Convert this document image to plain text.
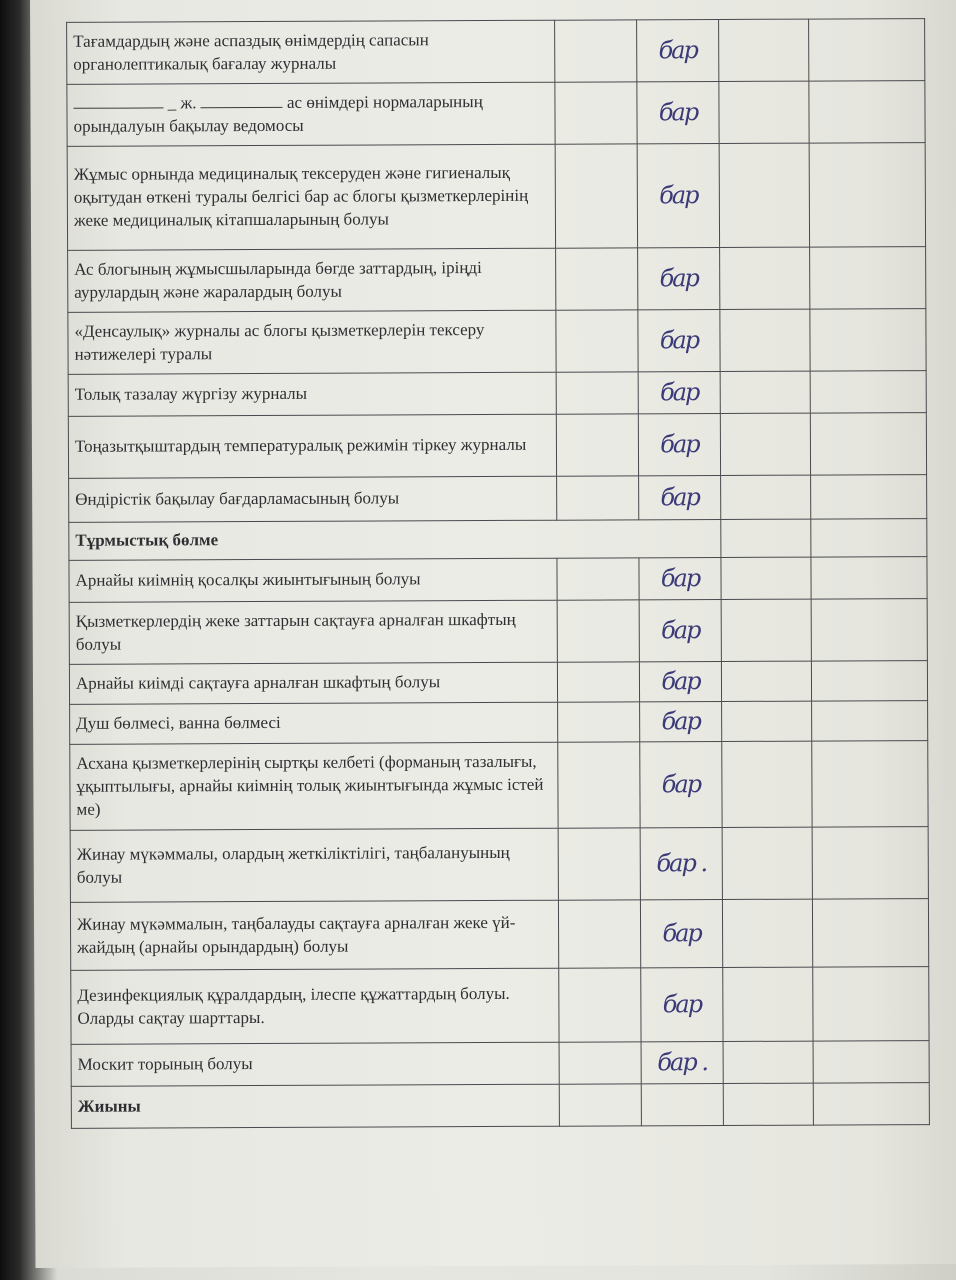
Тағамдардың және аспаздық өнімдердің сапасын органолептикалық бағалау журналы		бар		
_ ж. ас өнімдері нормаларының орындалуын бақылау ведомосы		бар		
Жұмыс орнында медициналық тексеруден және гигиеналық оқытудан өткені туралы белгісі бар ас блогы қызметкерлерінің жеке медициналық кітапшаларының болуы		бар		
Ас блогының жұмысшыларында бөгде заттардың, іріңді аурулардың және жаралардың болуы		бар		
«Денсаулық» журналы ас блогы қызметкерлерін тексеру нәтижелері туралы		бар		
Толық тазалау жүргізу журналы		бар		
Тоңазытқыштардың температуралық режимін тіркеу журналы		бар		
Өндірістік бақылау бағдарламасының болуы		бар		
Тұрмыстық бөлме				
Арнайы киімнің қосалқы жиынтығының болуы		бар		
Қызметкерлердің жеке заттарын сақтауға арналған шкафтың болуы		бар		
Арнайы киімді сақтауға арналған шкафтың болуы		бар		
Душ бөлмесі, ванна бөлмесі		бар		
Асхана қызметкерлерінің сыртқы келбеті (форманың тазалығы, ұқыптылығы, арнайы киімнің толық жиынтығында жұмыс істей ме)		бар		
Жинау мүкәммалы, олардың жеткіліктілігі, таңбалануының болуы		бар .		
Жинау мүкәммалын, таңбалауды сақтауға арналған жеке үй-жайдың (арнайы орындардың) болуы		бар		
Дезинфекциялық құралдардың, ілеспе құжаттардың болуы. Оларды сақтау шарттары.		бар		
Москит торының болуы		бар .		
Жиыны				
